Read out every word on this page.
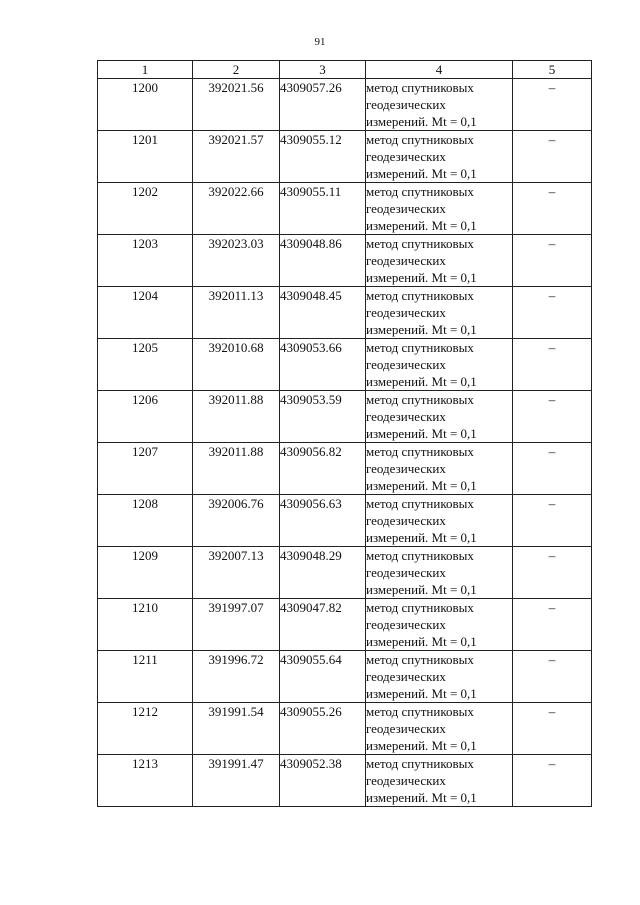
91
1	2	3	4	5
1200	392021.56	4309057.26	метод спутниковых
геодезических
измерений. Mt = 0,1	–
1201	392021.57	4309055.12	метод спутниковых
геодезических
измерений. Mt = 0,1	–
1202	392022.66	4309055.11	метод спутниковых
геодезических
измерений. Mt = 0,1	–
1203	392023.03	4309048.86	метод спутниковых
геодезических
измерений. Mt = 0,1	–
1204	392011.13	4309048.45	метод спутниковых
геодезических
измерений. Mt = 0,1	–
1205	392010.68	4309053.66	метод спутниковых
геодезических
измерений. Mt = 0,1	–
1206	392011.88	4309053.59	метод спутниковых
геодезических
измерений. Mt = 0,1	–
1207	392011.88	4309056.82	метод спутниковых
геодезических
измерений. Mt = 0,1	–
1208	392006.76	4309056.63	метод спутниковых
геодезических
измерений. Mt = 0,1	–
1209	392007.13	4309048.29	метод спутниковых
геодезических
измерений. Mt = 0,1	–
1210	391997.07	4309047.82	метод спутниковых
геодезических
измерений. Mt = 0,1	–
1211	391996.72	4309055.64	метод спутниковых
геодезических
измерений. Mt = 0,1	–
1212	391991.54	4309055.26	метод спутниковых
геодезических
измерений. Mt = 0,1	–
1213	391991.47	4309052.38	метод спутниковых
геодезических
измерений. Mt = 0,1	–
